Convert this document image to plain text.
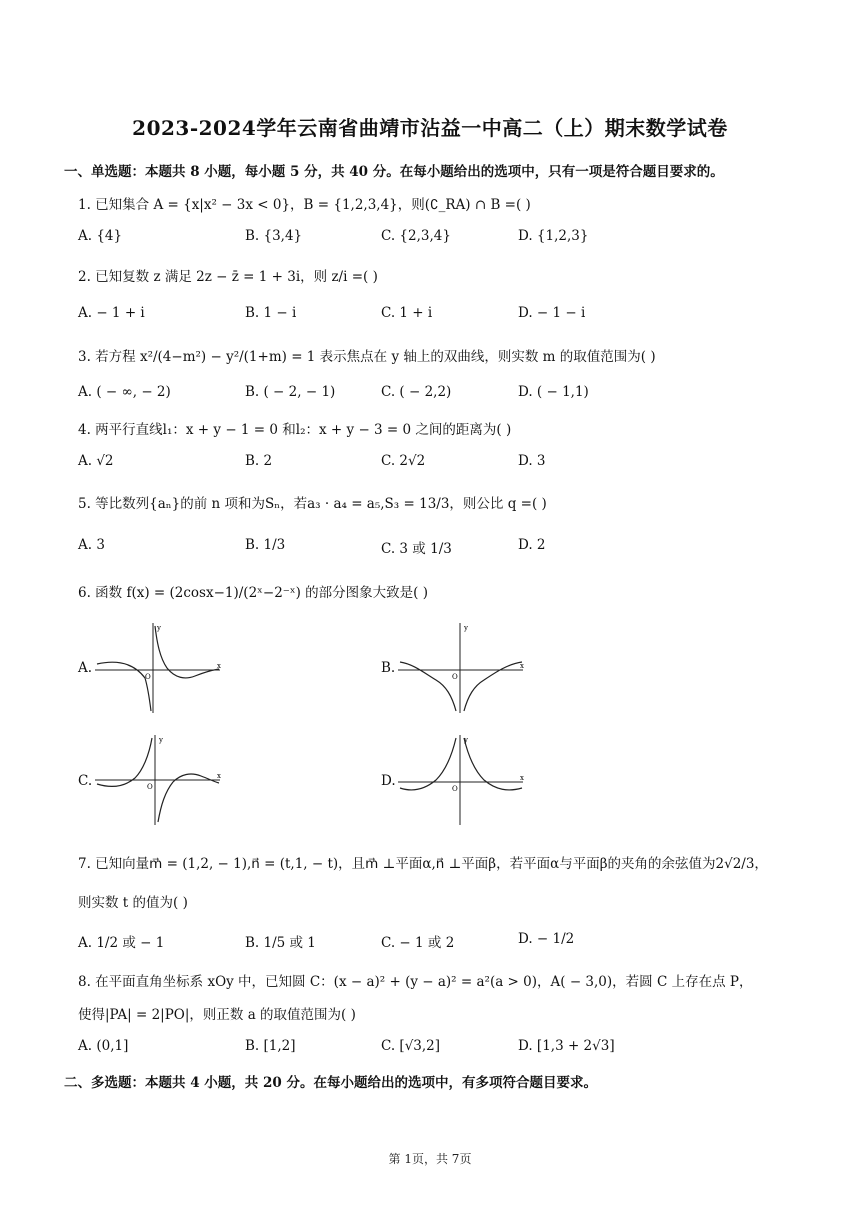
2023-2024学年云南省曲靖市沾益一中高二（上）期末数学试卷
一、单选题：本题共 8 小题，每小题 5 分，共 40 分。在每小题给出的选项中，只有一项是符合题目要求的。
1. 已知集合 A = {x|x² − 3x < 0}，B = {1,2,3,4}，则(∁_RA) ∩ B =( )
A. {4}	B. {3,4}	C. {2,3,4}	D. {1,2,3}
2. 已知复数 z 满足 2z − z̄ = 1 + 3i，则 z/i =( )
A. − 1 + i	B. 1 − i	C. 1 + i	D. − 1 − i
3. 若方程 x²/(4−m²) − y²/(1+m) = 1 表示焦点在 y 轴上的双曲线，则实数 m 的取值范围为( )
A. ( − ∞, − 2)	B. ( − 2, − 1)	C. ( − 2,2)	D. ( − 1,1)
4. 两平行直线l₁：x + y − 1 = 0 和l₂：x + y − 3 = 0 之间的距离为( )
A. √2	B. 2	C. 2√2	D. 3
5. 等比数列{aₙ}的前 n 项和为Sₙ，若a₃ · a₄ = a₅,S₃ = 13/3，则公比 q =( )
A. 3	B. 1/3	C. 3 或 1/3	D. 2
6. 函数 f(x) = (2cosx−1)/(2ˣ−2⁻ˣ) 的部分图象大致是( )
A.
y
x
O
B.
y
x
O
C.
y
x
O	D.
y
x
O
7. 已知向量m⃗ = (1,2, − 1),n⃗ = (t,1, − t)，且m⃗ ⊥平面α,n⃗ ⊥平面β，若平面α与平面β的夹角的余弦值为2√2/3，
则实数 t 的值为( )
A. 1/2 或 − 1	B. 1/5 或 1	C. − 1 或 2	D. − 1/2
8. 在平面直角坐标系 xOy 中，已知圆 C：(x − a)² + (y − a)² = a²(a > 0)，A( − 3,0)，若圆 C 上存在点 P，
使得|PA| = 2|PO|，则正数 a 的取值范围为( )
A. (0,1]	B. [1,2]	C. [√3,2]	D. [1,3 + 2√3]
二、多选题：本题共 4 小题，共 20 分。在每小题给出的选项中，有多项符合题目要求。
第 1页，共 7页
